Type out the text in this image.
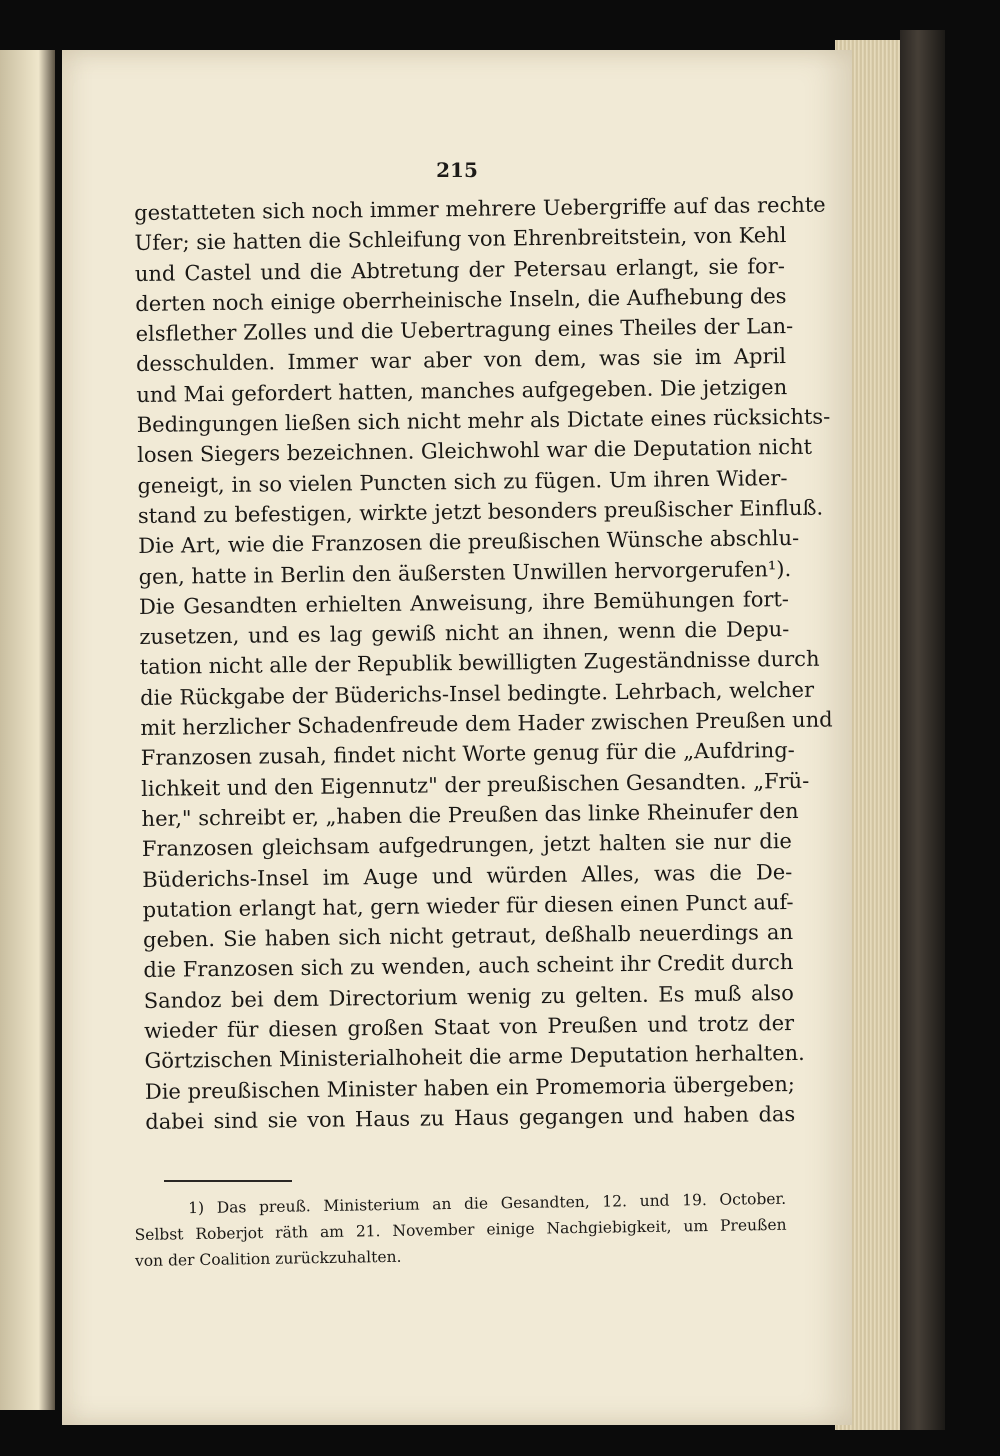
215
gestatteten sich noch immer mehrere Uebergriffe auf das rechte
Ufer; sie hatten die Schleifung von Ehrenbreitstein, von Kehl
und Castel und die Abtretung der Petersau erlangt, sie for-
derten noch einige oberrheinische Inseln, die Aufhebung des
elsflether Zolles und die Uebertragung eines Theiles der Lan-
desschulden. Immer war aber von dem, was sie im April
und Mai gefordert hatten, manches aufgegeben. Die jetzigen
Bedingungen ließen sich nicht mehr als Dictate eines rücksichts-
losen Siegers bezeichnen. Gleichwohl war die Deputation nicht
geneigt, in so vielen Puncten sich zu fügen. Um ihren Wider-
stand zu befestigen, wirkte jetzt besonders preußischer Einfluß.
Die Art, wie die Franzosen die preußischen Wünsche abschlu-
gen, hatte in Berlin den äußersten Unwillen hervorgerufen¹).
Die Gesandten erhielten Anweisung, ihre Bemühungen fort-
zusetzen, und es lag gewiß nicht an ihnen, wenn die Depu-
tation nicht alle der Republik bewilligten Zugeständnisse durch
die Rückgabe der Büderichs-Insel bedingte. Lehrbach, welcher
mit herzlicher Schadenfreude dem Hader zwischen Preußen und
Franzosen zusah, findet nicht Worte genug für die „Aufdring-
lichkeit und den Eigennutz" der preußischen Gesandten. „Frü-
her," schreibt er, „haben die Preußen das linke Rheinufer den
Franzosen gleichsam aufgedrungen, jetzt halten sie nur die
Büderichs-Insel im Auge und würden Alles, was die De-
putation erlangt hat, gern wieder für diesen einen Punct auf-
geben. Sie haben sich nicht getraut, deßhalb neuerdings an
die Franzosen sich zu wenden, auch scheint ihr Credit durch
Sandoz bei dem Directorium wenig zu gelten. Es muß also
wieder für diesen großen Staat von Preußen und trotz der
Görtzischen Ministerialhoheit die arme Deputation herhalten.
Die preußischen Minister haben ein Promemoria übergeben;
dabei sind sie von Haus zu Haus gegangen und haben das
1) Das preuß. Ministerium an die Gesandten, 12. und 19. October.
Selbst Roberjot räth am 21. November einige Nachgiebigkeit, um Preußen
von der Coalition zurückzuhalten.
